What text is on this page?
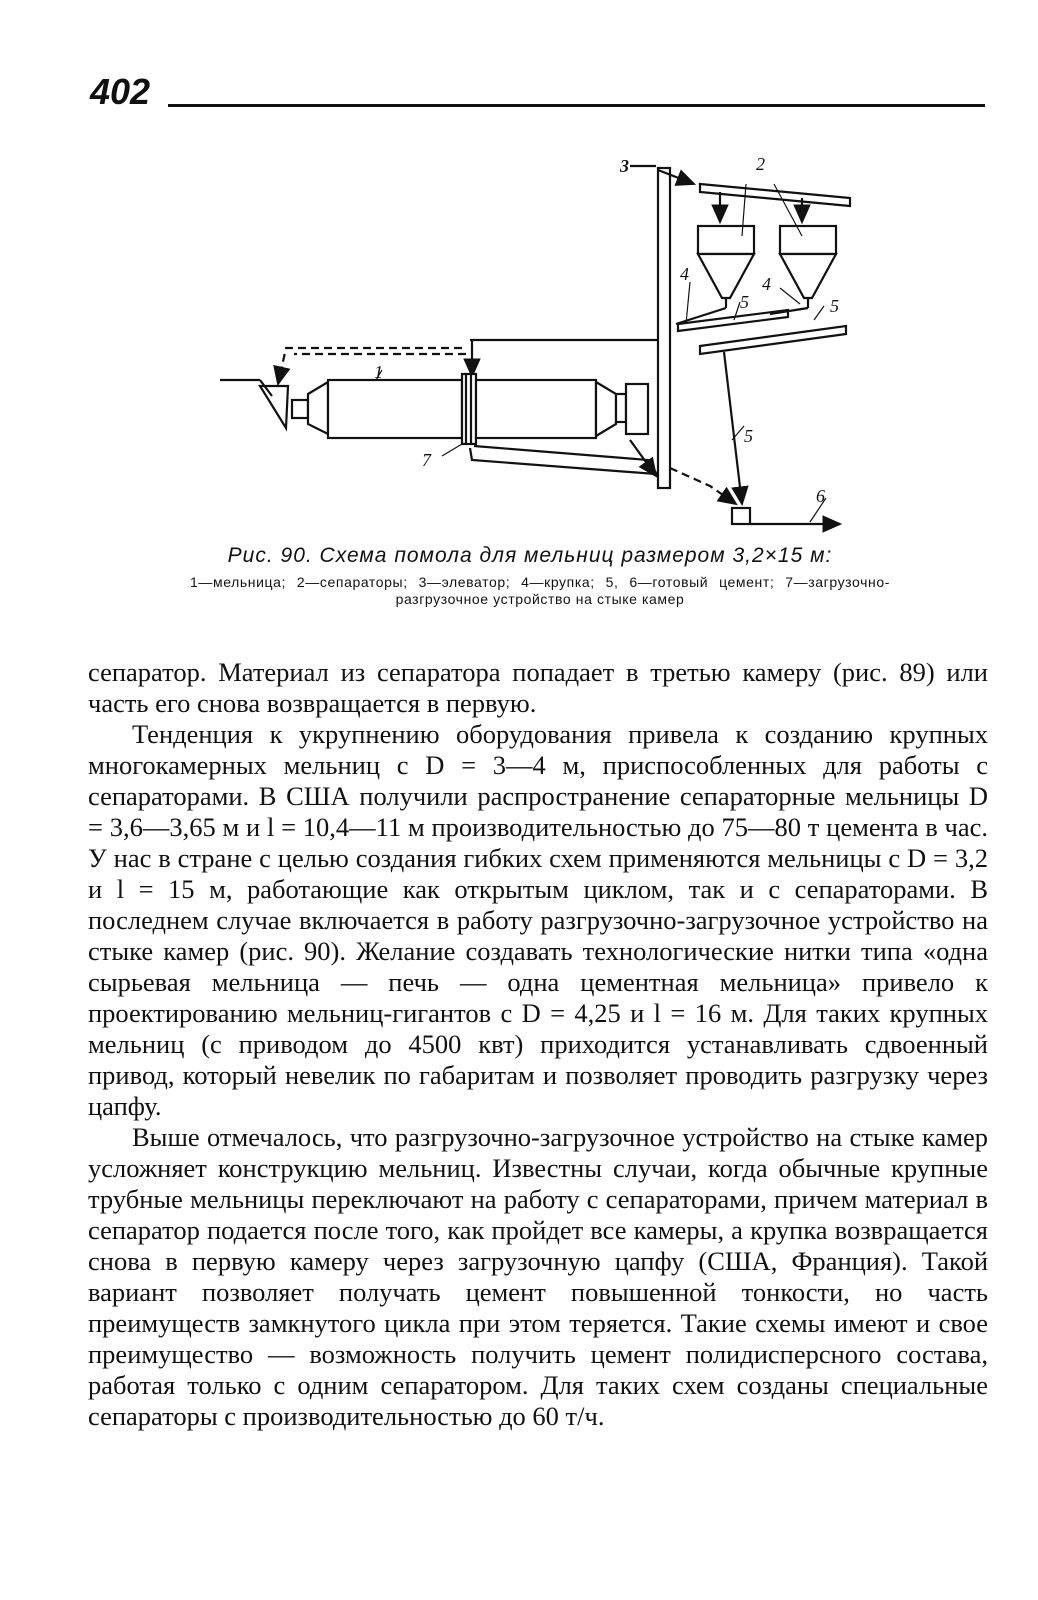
402
1
2
3
4	4
5	5
5
6
7
Рис. 90. Схема помола для мельниц размером 3,2×15 м:
1—мельница; 2—сепараторы; 3—элеватор; 4—крупка; 5, 6—готовый цемент; 7—загрузочно-разгрузочное устройство на стыке камер

сепаратор. Материал из сепаратора попадает в третью камеру (рис. 89) или часть его снова возвращается в первую.

Тенденция к укрупнению оборудования привела к созданию крупных многокамерных мельниц с D = 3—4 м, приспособленных для работы с сепараторами. В США получили распространение сепараторные мельницы D = 3,6—3,65 м и l = 10,4—11 м производительностью до 75—80 т цемента в час. У нас в стране с целью создания гибких схем применяются мельницы с D = 3,2 и l = 15 м, работающие как открытым циклом, так и с сепараторами. В последнем случае включается в работу разгрузочно-загрузочное устройство на стыке камер (рис. 90). Желание создавать технологические нитки типа «одна сырьевая мельница — печь — одна цементная мельница» привело к проектированию мельниц-гигантов с D = 4,25 и l = 16 м. Для таких крупных мельниц (с приводом до 4500 квт) приходится устанавливать сдвоенный привод, который невелик по габаритам и позволяет проводить разгрузку через цапфу.

Выше отмечалось, что разгрузочно-загрузочное устройство на стыке камер усложняет конструкцию мельниц. Известны случаи, когда обычные крупные трубные мельницы переключают на работу с сепараторами, причем материал в сепаратор подается после того, как пройдет все камеры, а крупка возвращается снова в первую камеру через загрузочную цапфу (США, Франция). Такой вариант позволяет получать цемент повышенной тонкости, но часть преимуществ замкнутого цикла при этом теряется. Такие схемы имеют и свое преимущество — возможность получить цемент полидисперсного состава, работая только с одним сепаратором. Для таких схем созданы специальные сепараторы с производительностью до 60 т/ч.
